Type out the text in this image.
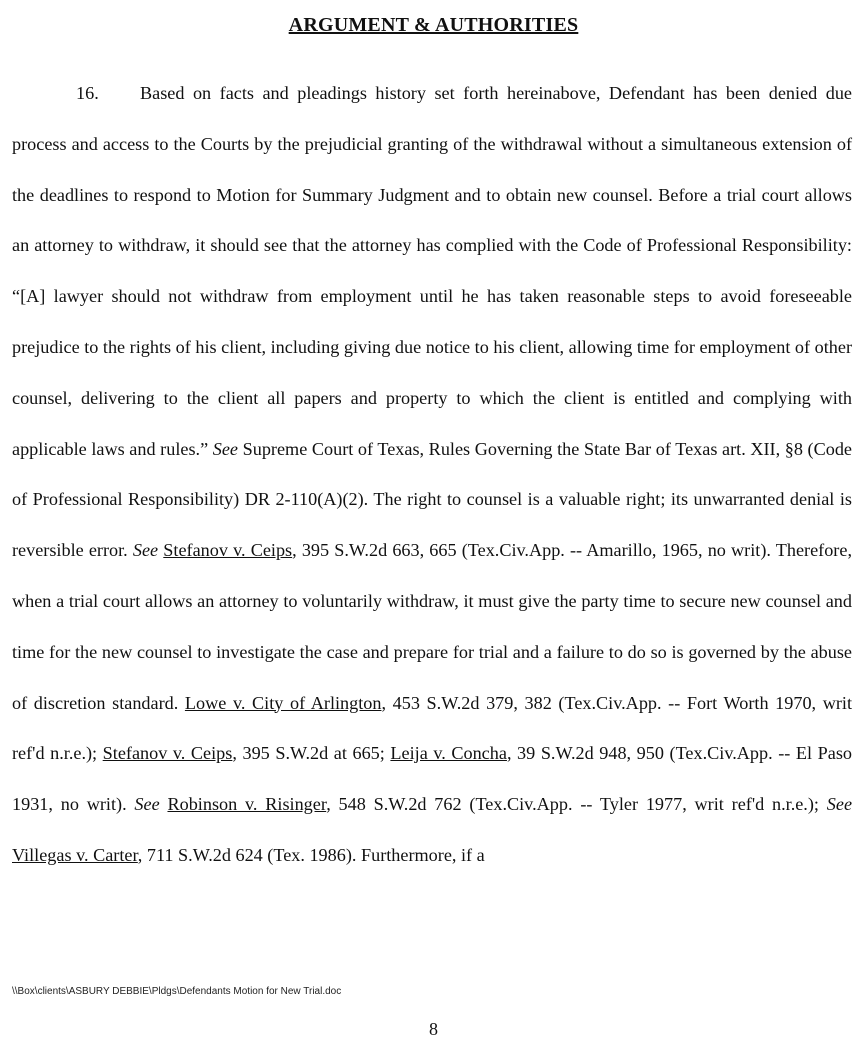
ARGUMENT & AUTHORITIES

16. Based on facts and pleadings history set forth hereinabove, Defendant has been denied due process and access to the Courts by the prejudicial granting of the withdrawal without a simultaneous extension of the deadlines to respond to Motion for Summary Judgment and to obtain new counsel. Before a trial court allows an attorney to withdraw, it should see that the attorney has complied with the Code of Professional Responsibility: “[A] lawyer should not withdraw from employment until he has taken reasonable steps to avoid foreseeable prejudice to the rights of his client, including giving due notice to his client, allowing time for employment of other counsel, delivering to the client all papers and property to which the client is entitled and complying with applicable laws and rules.” See Supreme Court of Texas, Rules Governing the State Bar of Texas art. XII, §8 (Code of Professional Responsibility) DR 2-110(A)(2). The right to counsel is a valuable right; its unwarranted denial is reversible error. See Stefanov v. Ceips, 395 S.W.2d 663, 665 (Tex.Civ.App. -- Amarillo, 1965, no writ). Therefore, when a trial court allows an attorney to voluntarily withdraw, it must give the party time to secure new counsel and time for the new counsel to investigate the case and prepare for trial and a failure to do so is governed by the abuse of discretion standard. Lowe v. City of Arlington, 453 S.W.2d 379, 382 (Tex.Civ.App. -- Fort Worth 1970, writ ref'd n.r.e.); Stefanov v. Ceips, 395 S.W.2d at 665; Leija v. Concha, 39 S.W.2d 948, 950 (Tex.Civ.App. -- El Paso 1931, no writ). See Robinson v. Risinger, 548 S.W.2d 762 (Tex.Civ.App. -- Tyler 1977, writ ref'd n.r.e.); See Villegas v. Carter, 711 S.W.2d 624 (Tex. 1986). Furthermore, if a

\\Box\clients\ASBURY DEBBIE\Pldgs\Defendants Motion for New Trial.doc
8
